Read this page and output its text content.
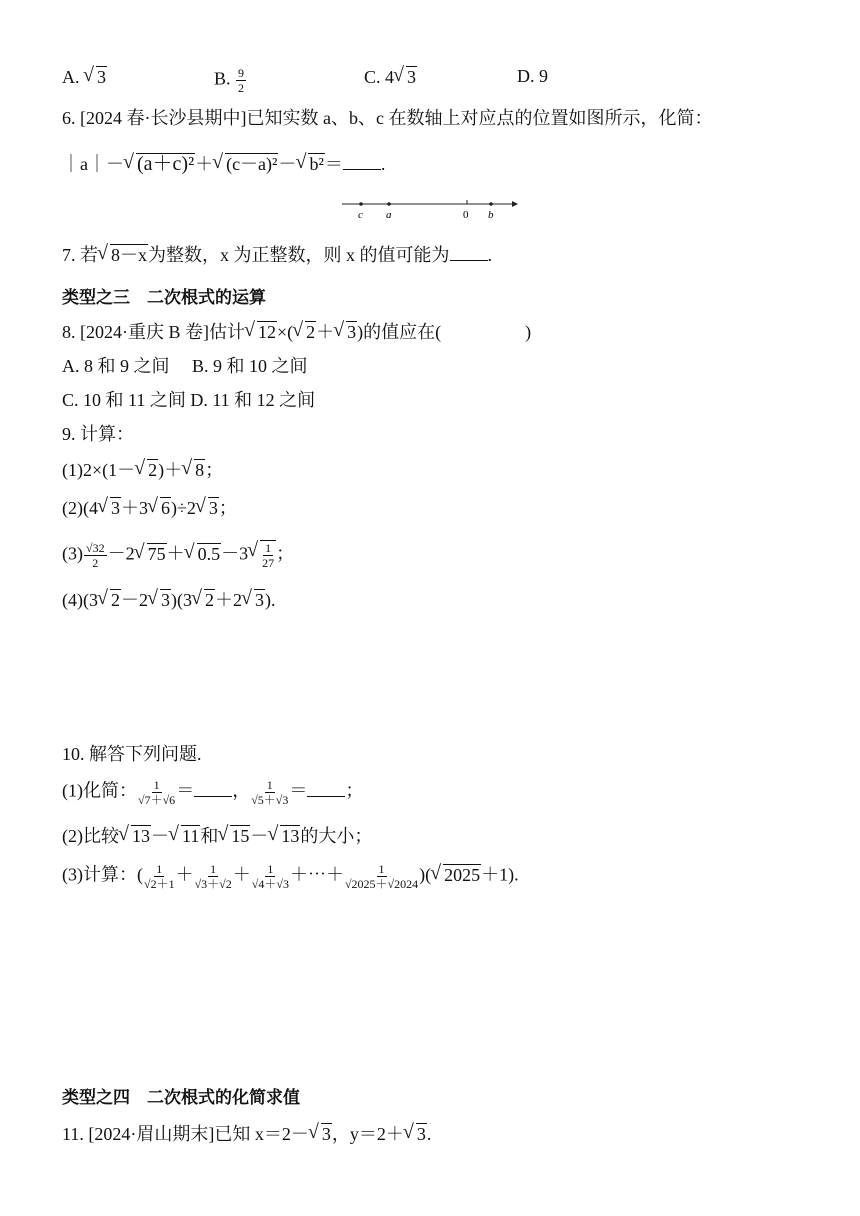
A. √ 3	B. $\frac{9}{2}$	C. 4√ 3	D. 9
6. [2024 春·长沙县期中]已知实数 a、b、c 在数轴上对应点的位置如图所示，化简：
｜a｜－√ (a＋c)²＋√ (c－a)²－√ b²＝ .
c a	0 b
7. 若√ 8－x为整数，x 为正整数，则 x 的值可能为 .
类型之三　二次根式的运算
8. [2024·重庆 B 卷]估计√ 12×(√ 2＋√ 3)的值应在(	)
A. 8 和 9 之间　 B. 9 和 10 之间
C. 10 和 11 之间 D. 11 和 12 之间
9. 计算：
(1)2×(1－√ 2)＋√ 8；
(2)(4√ 3＋3√ 6)÷2√ 3；
$(3) \frac{√32}{2} -2√$ 75＋√ 0.5－3
√ $\frac{1}{27}$ ；
(4)(3√ 2－2√ 3)(3√ 2＋2√ 3).
10. 解答下列问题.
(1)化简： $\frac{1}{√7+√6}$ ＝ ， $\frac{1}{√5+√3}$ ＝ ；
(2)比较√ 13－√ 11和√ 15－√ 13的大小；
(3)计算：( $\frac{1}{√2+1} + \frac{1}{√3+√2} + \frac{1}{√4+√3}$ ＋⋯＋ $\frac{1}{√2025+√2024}$ )(√ 2025＋1).
类型之四　二次根式的化简求值
11. [2024·眉山期末]已知 x＝2－√ 3，y＝2＋√ 3.
